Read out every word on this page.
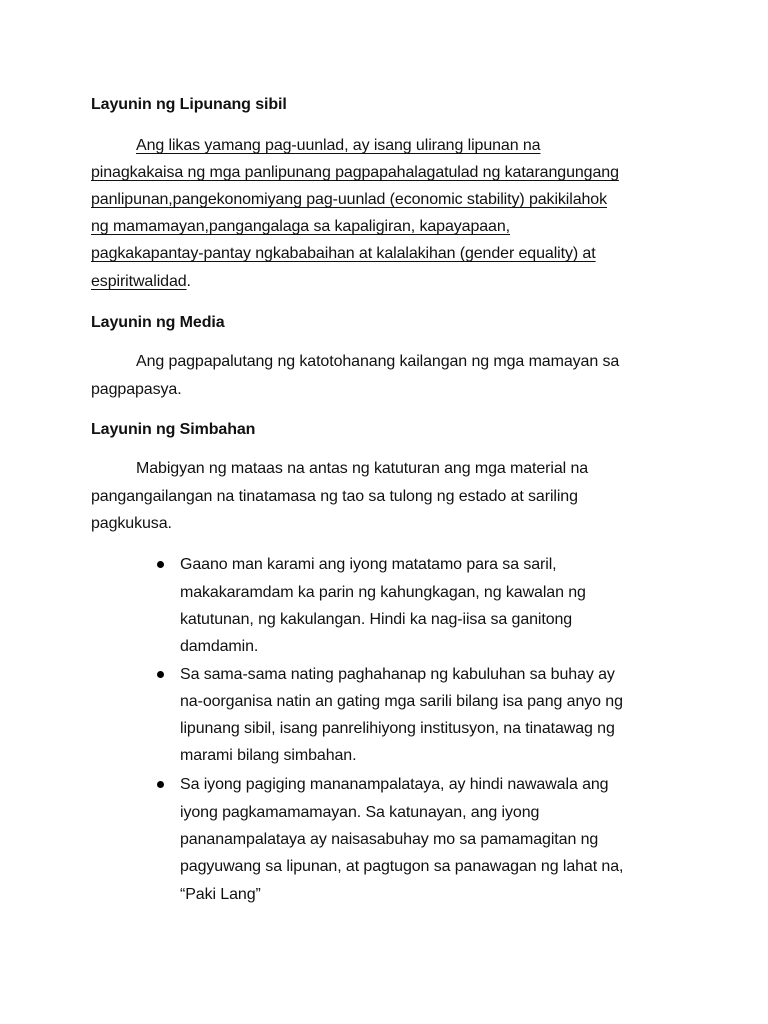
Layunin ng Lipunang sibil
Ang likas yamang pag-uunlad, ay isang ulirang lipunan na
pinagkakaisa ng mga panlipunang pagpapahalagatulad ng katarangungang
panlipunan,pangekonomiyang pag-uunlad (economic stability) pakikilahok
ng mamamayan,pangangalaga sa kapaligiran, kapayapaan,
pagkakapantay-pantay ngkababaihan at kalalakihan (gender equality) at
espiritwalidad.
Layunin ng Media
Ang pagpapalutang ng katotohanang kailangan ng mga mamayan sa
pagpapasya.
Layunin ng Simbahan
Mabigyan ng mataas na antas ng katuturan ang mga material na
pangangailangan na tinatamasa ng tao sa tulong ng estado at sariling
pagkukusa.
Gaano man karami ang iyong matatamo para sa saril,
makakaramdam ka parin ng kahungkagan, ng kawalan ng
katutunan, ng kakulangan. Hindi ka nag-iisa sa ganitong
damdamin.
Sa sama-sama nating paghahanap ng kabuluhan sa buhay ay
na-oorganisa natin an gating mga sarili bilang isa pang anyo ng
lipunang sibil, isang panrelihiyong institusyon, na tinatawag ng
marami bilang simbahan.
Sa iyong pagiging mananampalataya, ay hindi nawawala ang
iyong pagkamamamayan. Sa katunayan, ang iyong
pananampalataya ay naisasabuhay mo sa pamamagitan ng
pagyuwang sa lipunan, at pagtugon sa panawagan ng lahat na,
“Paki Lang”
